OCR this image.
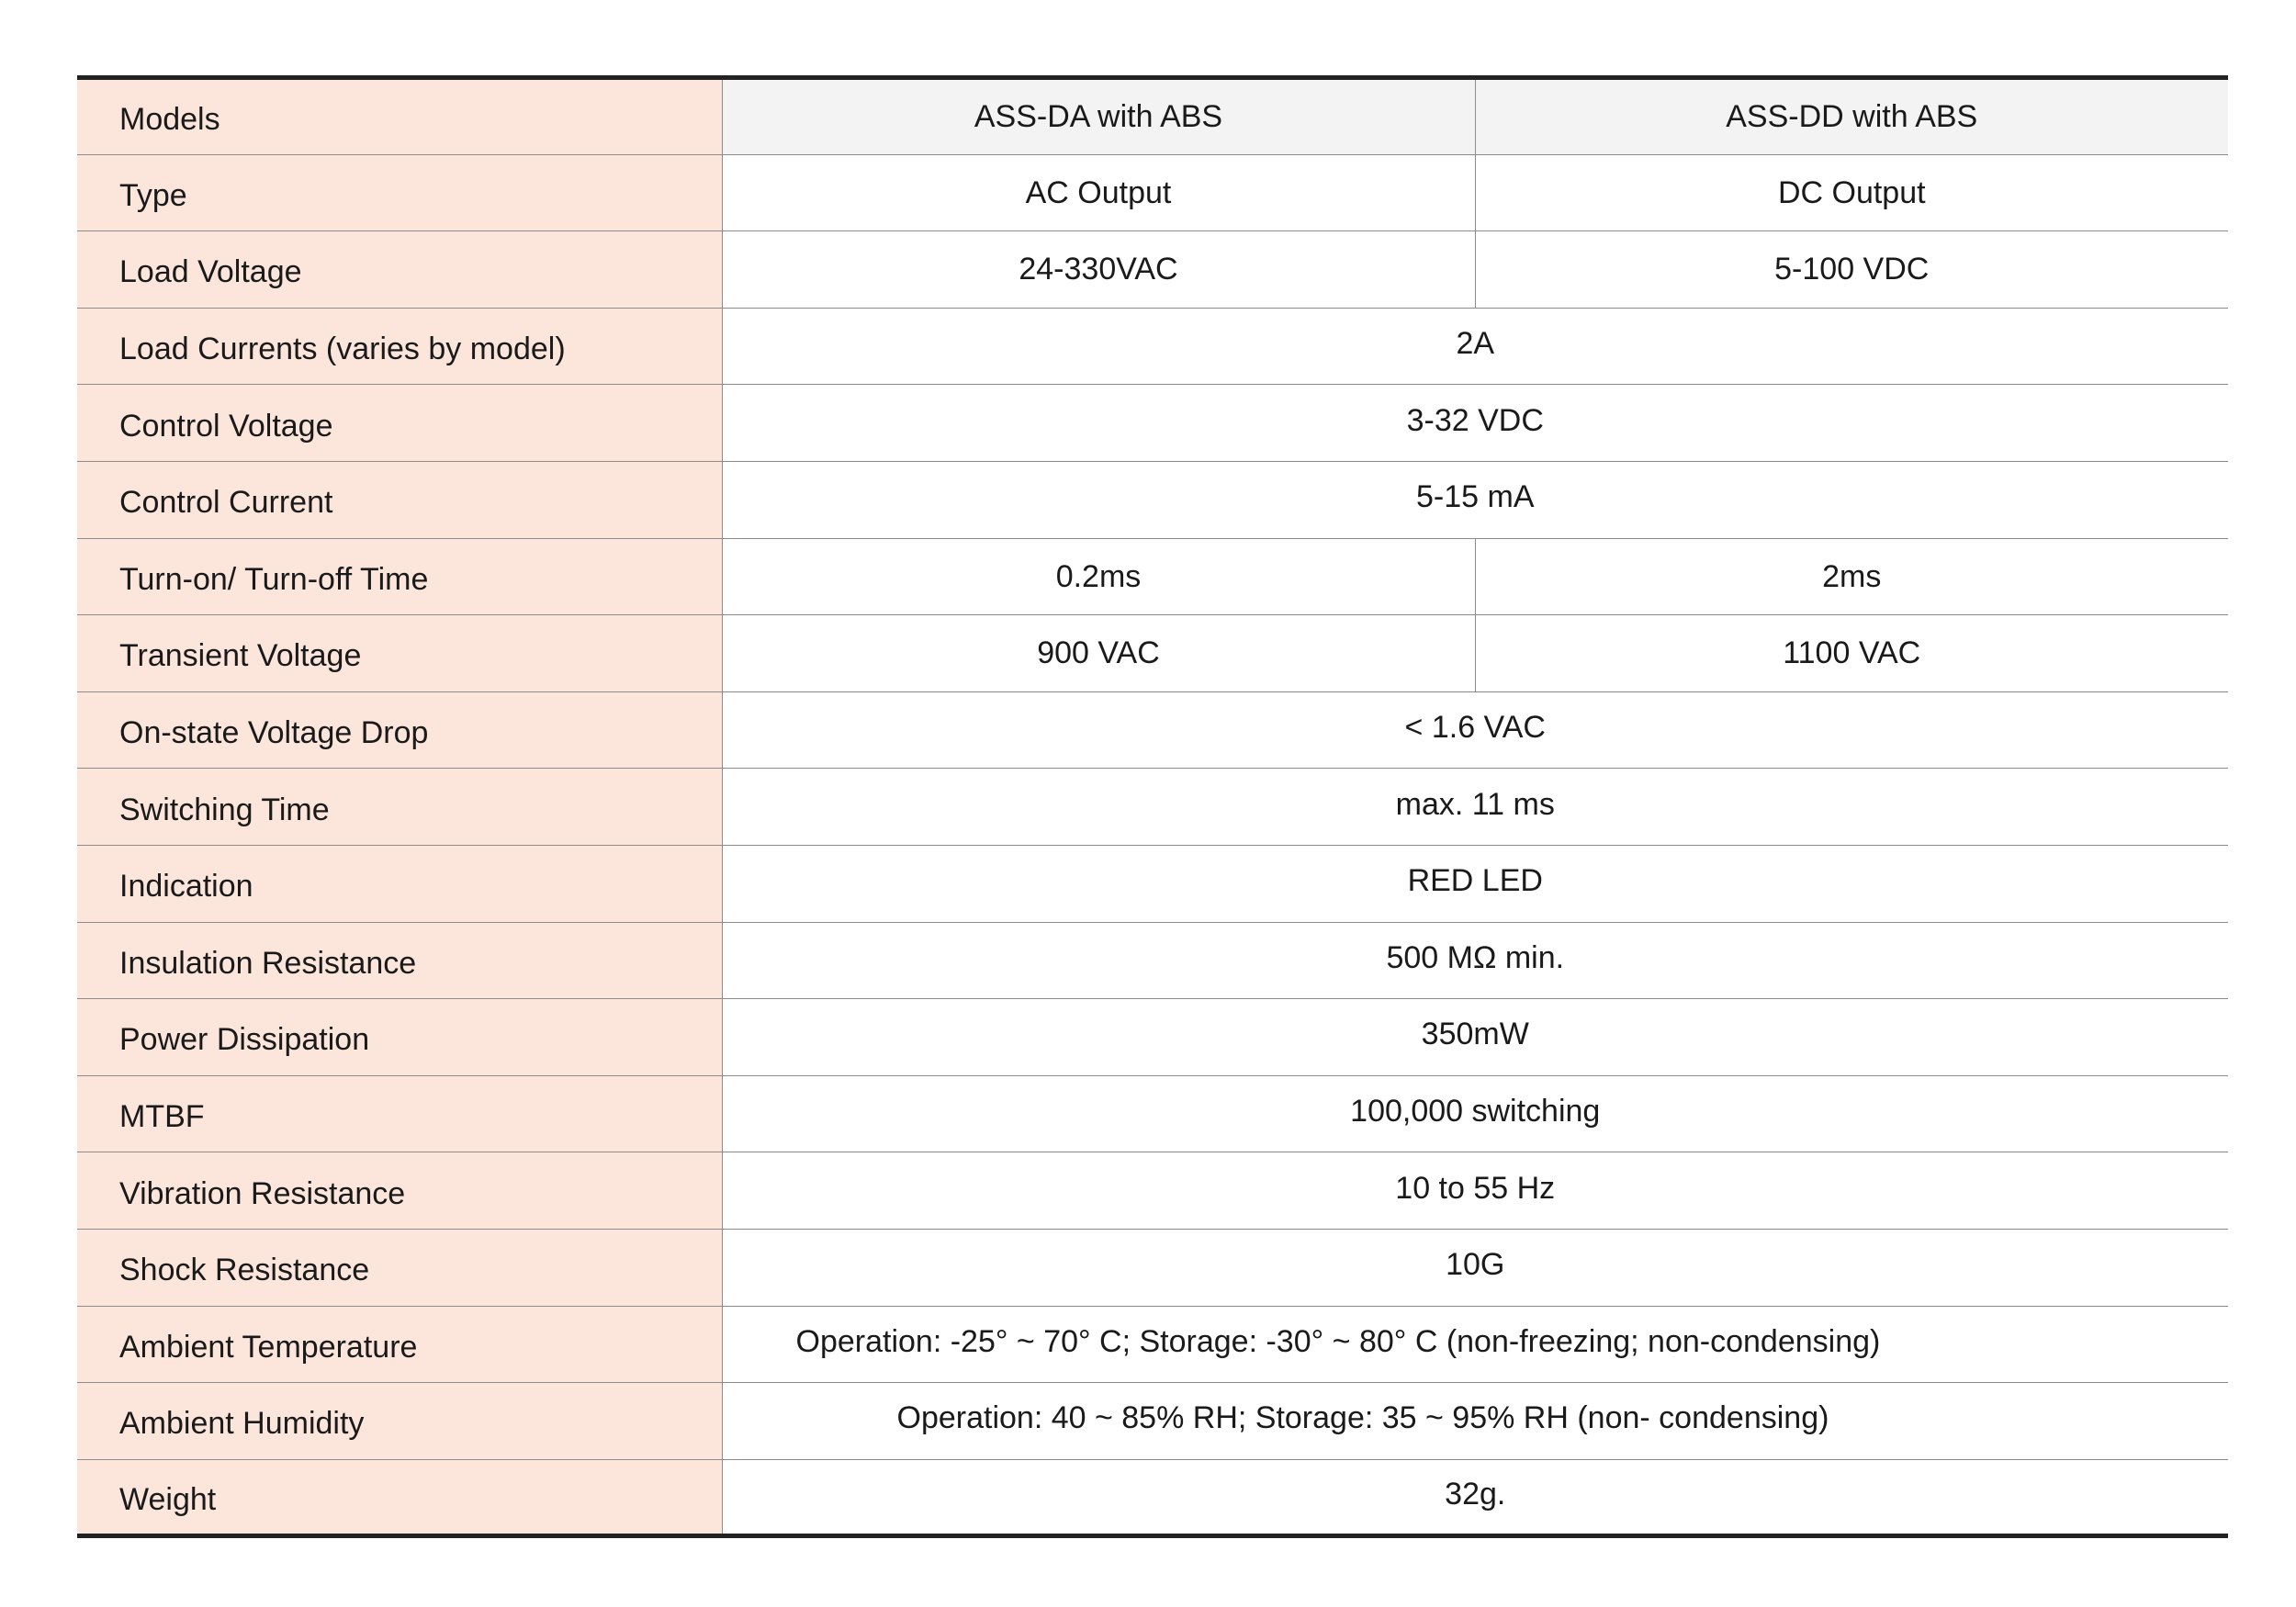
Models	ASS-DA with ABS	ASS-DD with ABS
Type	AC Output	DC Output
Load Voltage	24-330VAC	5-100 VDC
Load Currents (varies by model)	2A	
Control Voltage	3-32 VDC	
Control Current	5-15 mA	
Turn-on/ Turn-off Time	0.2ms	2ms
Transient Voltage	900 VAC	1100 VAC
On-state Voltage Drop	< 1.6 VAC	
Switching Time	max. 11 ms	
Indication	RED LED	
Insulation Resistance	500 MΩ min.	
Power Dissipation	350mW	
MTBF	100,000 switching	
Vibration Resistance	10 to 55 Hz	
Shock Resistance	10G	
Ambient Temperature	Operation: -25° ~ 70° C; Storage: -30° ~ 80° C (non-freezing; non-condensing)	
Ambient Humidity	Operation: 40 ~ 85% RH; Storage: 35 ~ 95% RH (non- condensing)	
Weight	32g.	
